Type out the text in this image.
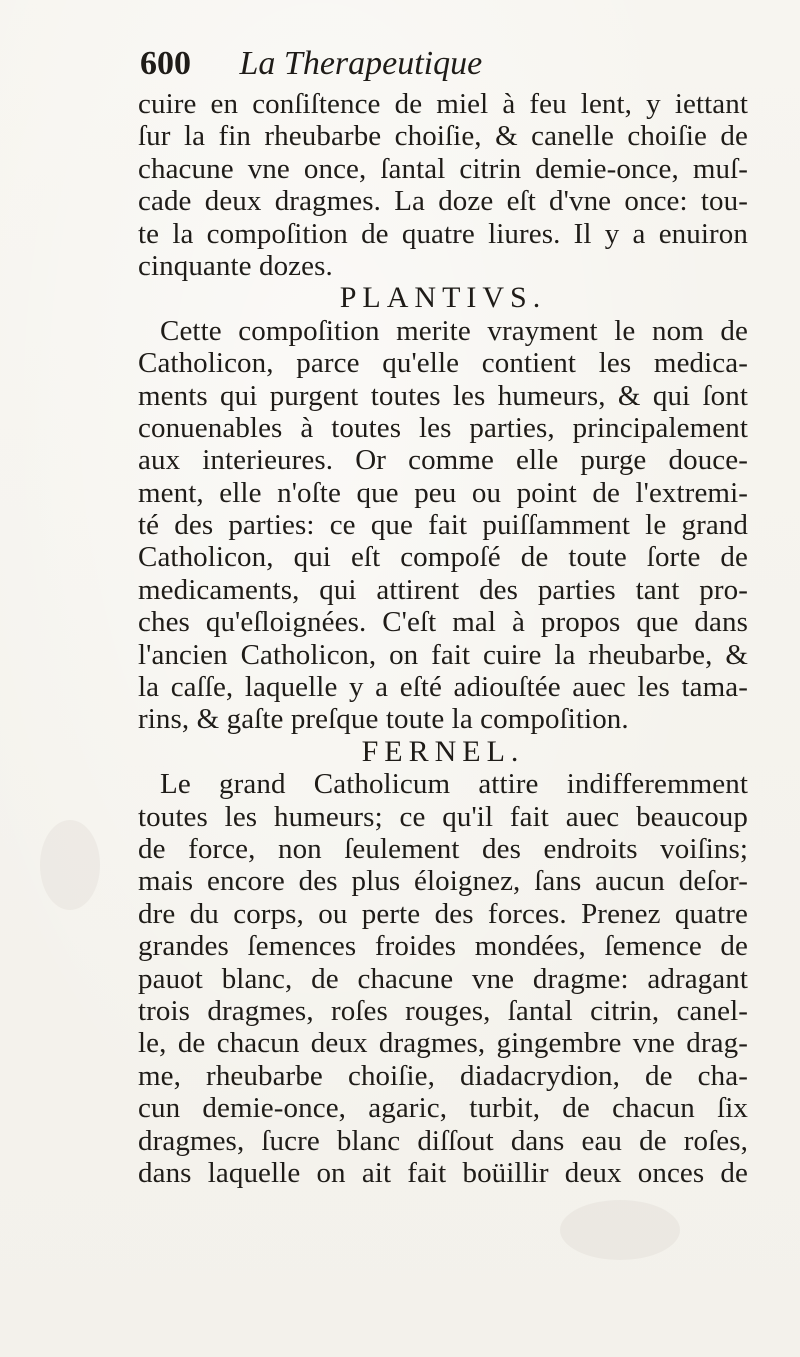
600 La Therapeutique
cuire en conſiſtence de miel à feu lent, y iettant
ſur la fin rheubarbe choiſie, & canelle choiſie de
chacune vne once, ſantal citrin demie-once, muſ-
cade deux dragmes. La doze eſt d'vne once: tou-
te la compoſition de quatre liures. Il y a enuiron
cinquante dozes.
PLANTIVS.
Cette compoſition merite vrayment le nom de
Catholicon, parce qu'elle contient les medica-
ments qui purgent toutes les humeurs, & qui ſont
conuenables à toutes les parties, principalement
aux interieures. Or comme elle purge douce-
ment, elle n'oſte que peu ou point de l'extremi-
té des parties: ce que fait puiſſamment le grand
Catholicon, qui eſt compoſé de toute ſorte de
medicaments, qui attirent des parties tant pro-
ches qu'eſloignées. C'eſt mal à propos que dans
l'ancien Catholicon, on fait cuire la rheubarbe, &
la caſſe, laquelle y a eſté adiouſtée auec les tama-
rins, & gaſte preſque toute la compoſition.
FERNEL.
Le grand Catholicum attire indifferemment
toutes les humeurs; ce qu'il fait auec beaucoup
de force, non ſeulement des endroits voiſins;
mais encore des plus éloignez, ſans aucun deſor-
dre du corps, ou perte des forces. Prenez quatre
grandes ſemences froides mondées, ſemence de
pauot blanc, de chacune vne dragme: adragant
trois dragmes, roſes rouges, ſantal citrin, canel-
le, de chacun deux dragmes, gingembre vne drag-
me, rheubarbe choiſie, diadacrydion, de cha-
cun demie-once, agaric, turbit, de chacun ſix
dragmes, ſucre blanc diſſout dans eau de roſes,
dans laquelle on ait fait boüillir deux onces de
